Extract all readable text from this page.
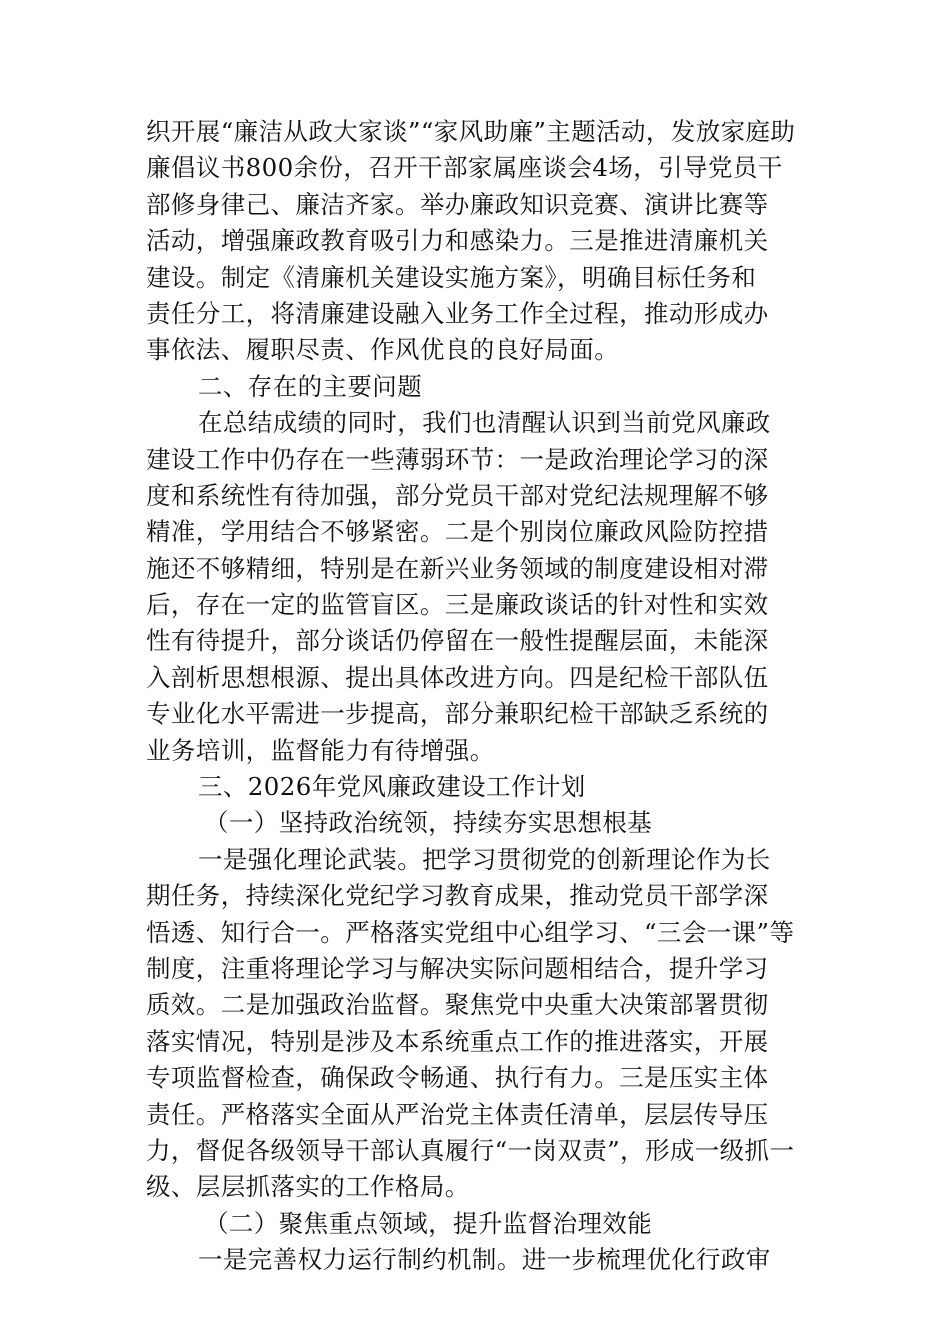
织开展“廉洁从政大家谈”“家风助廉”主题活动，发放家庭助
廉倡议书800余份，召开干部家属座谈会4场，引导党员干
部修身律己、廉洁齐家。举办廉政知识竞赛、演讲比赛等
活动，增强廉政教育吸引力和感染力。三是推进清廉机关
建设。制定《清廉机关建设实施方案》，明确目标任务和
责任分工，将清廉建设融入业务工作全过程，推动形成办
事依法、履职尽责、作风优良的良好局面。
二、存在的主要问题
在总结成绩的同时，我们也清醒认识到当前党风廉政
建设工作中仍存在一些薄弱环节：一是政治理论学习的深
度和系统性有待加强，部分党员干部对党纪法规理解不够
精准，学用结合不够紧密。二是个别岗位廉政风险防控措
施还不够精细，特别是在新兴业务领域的制度建设相对滞
后，存在一定的监管盲区。三是廉政谈话的针对性和实效
性有待提升，部分谈话仍停留在一般性提醒层面，未能深
入剖析思想根源、提出具体改进方向。四是纪检干部队伍
专业化水平需进一步提高，部分兼职纪检干部缺乏系统的
业务培训，监督能力有待增强。
三、2026年党风廉政建设工作计划
（一）坚持政治统领，持续夯实思想根基
一是强化理论武装。把学习贯彻党的创新理论作为长
期任务，持续深化党纪学习教育成果，推动党员干部学深
悟透、知行合一。严格落实党组中心组学习、“三会一课”等
制度，注重将理论学习与解决实际问题相结合，提升学习
质效。二是加强政治监督。聚焦党中央重大决策部署贯彻
落实情况，特别是涉及本系统重点工作的推进落实，开展
专项监督检查，确保政令畅通、执行有力。三是压实主体
责任。严格落实全面从严治党主体责任清单，层层传导压
力，督促各级领导干部认真履行“一岗双责”，形成一级抓一
级、层层抓落实的工作格局。
（二）聚焦重点领域，提升监督治理效能
一是完善权力运行制约机制。进一步梳理优化行政审
